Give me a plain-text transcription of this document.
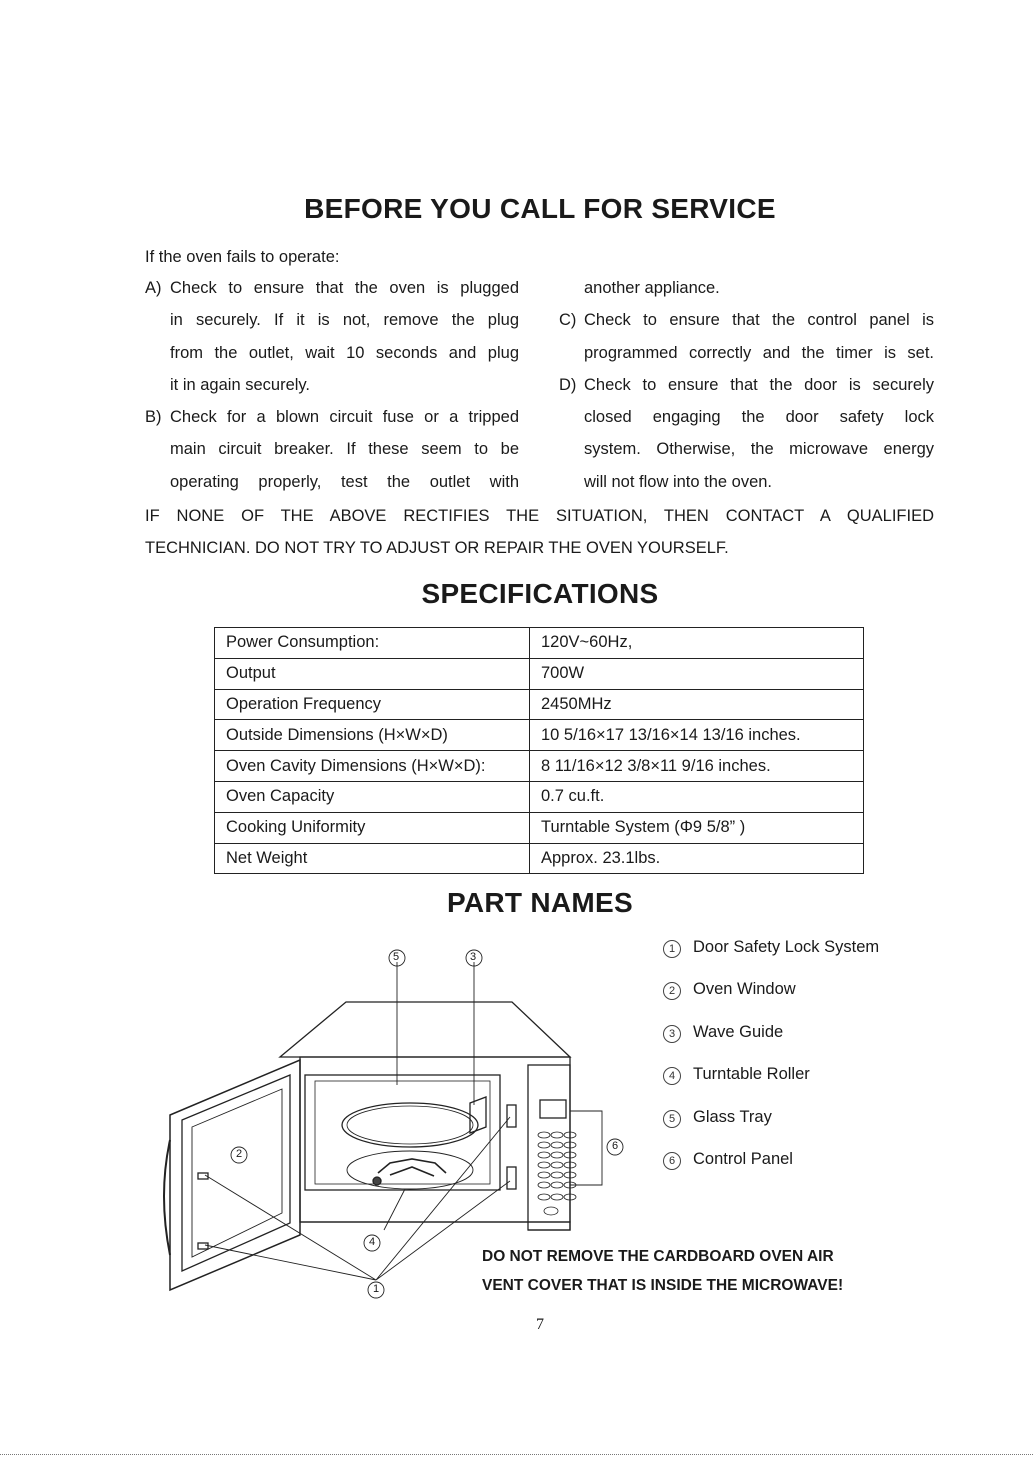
BEFORE YOU CALL FOR SERVICE
If the oven fails to operate:
A) Check to ensure that the oven is plugged
in securely. If it is not, remove the plug
from the outlet, wait 10 seconds and plug
it in again securely.
B) Check for a blown circuit fuse or a tripped
main circuit breaker. If these seem to be
operating properly, test the outlet with
another appliance.
C) Check to ensure that the control panel is
programmed correctly and the timer is set.
D) Check to ensure that the door is securely
closed engaging the door safety lock
system. Otherwise, the microwave energy
will not flow into the oven.
IF NONE OF THE ABOVE RECTIFIES THE SITUATION, THEN CONTACT A QUALIFIED
TECHNICIAN. DO NOT TRY TO ADJUST OR REPAIR THE OVEN YOURSELF.
SPECIFICATIONS
Power Consumption:	120V~60Hz,
Output	700W
Operation Frequency	2450MHz
Outside Dimensions (H×W×D)	10 5/16×17 13/16×14 13/16 inches.
Oven Cavity Dimensions (H×W×D):	8 11/16×12 3/8×11 9/16 inches.
Oven Capacity	0.7 cu.ft.
Cooking Uniformity	Turntable System (Φ9 5/8” )
Net Weight	Approx. 23.1lbs.
PART NAMES
5	3
2
4
1
6
1	Door Safety Lock System
2	Oven Window
3	Wave Guide
4	Turntable Roller
5	Glass Tray
6	Control Panel
DO NOT REMOVE THE CARDBOARD OVEN AIR
VENT COVER THAT IS INSIDE THE MICROWAVE!
7
